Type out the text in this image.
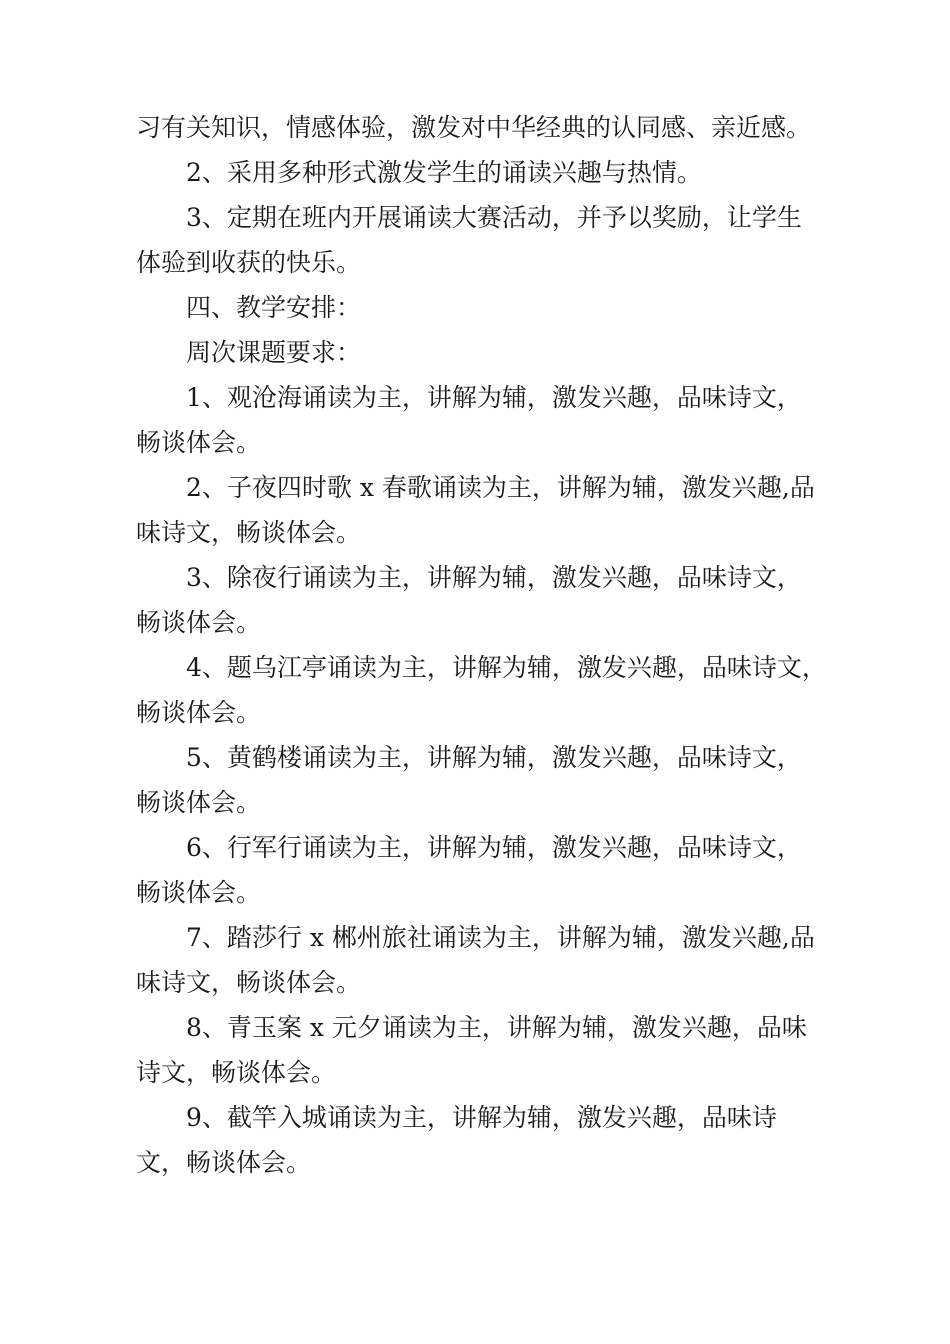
习有关知识，情感体验，激发对中华经典的认同感、亲近感。
2、采用多种形式激发学生的诵读兴趣与热情。
3、定期在班内开展诵读大赛活动，并予以奖励，让学生
体验到收获的快乐。
四、教学安排：
周次课题要求：
1、观沧海诵读为主，讲解为辅，激发兴趣，品味诗文，
畅谈体会。
2、子夜四时歌 x 春歌诵读为主，讲解为辅，激发兴趣,品
味诗文，畅谈体会。
3、除夜行诵读为主，讲解为辅，激发兴趣，品味诗文，
畅谈体会。
4、题乌江亭诵读为主，讲解为辅，激发兴趣，品味诗文，
畅谈体会。
5、黄鹤楼诵读为主，讲解为辅，激发兴趣，品味诗文，
畅谈体会。
6、行军行诵读为主，讲解为辅，激发兴趣，品味诗文，
畅谈体会。
7、踏莎行 x 郴州旅社诵读为主，讲解为辅，激发兴趣,品
味诗文，畅谈体会。
8、青玉案 x 元夕诵读为主，讲解为辅，激发兴趣，品味
诗文，畅谈体会。
9、截竿入城诵读为主，讲解为辅，激发兴趣，品味诗
文，畅谈体会。
